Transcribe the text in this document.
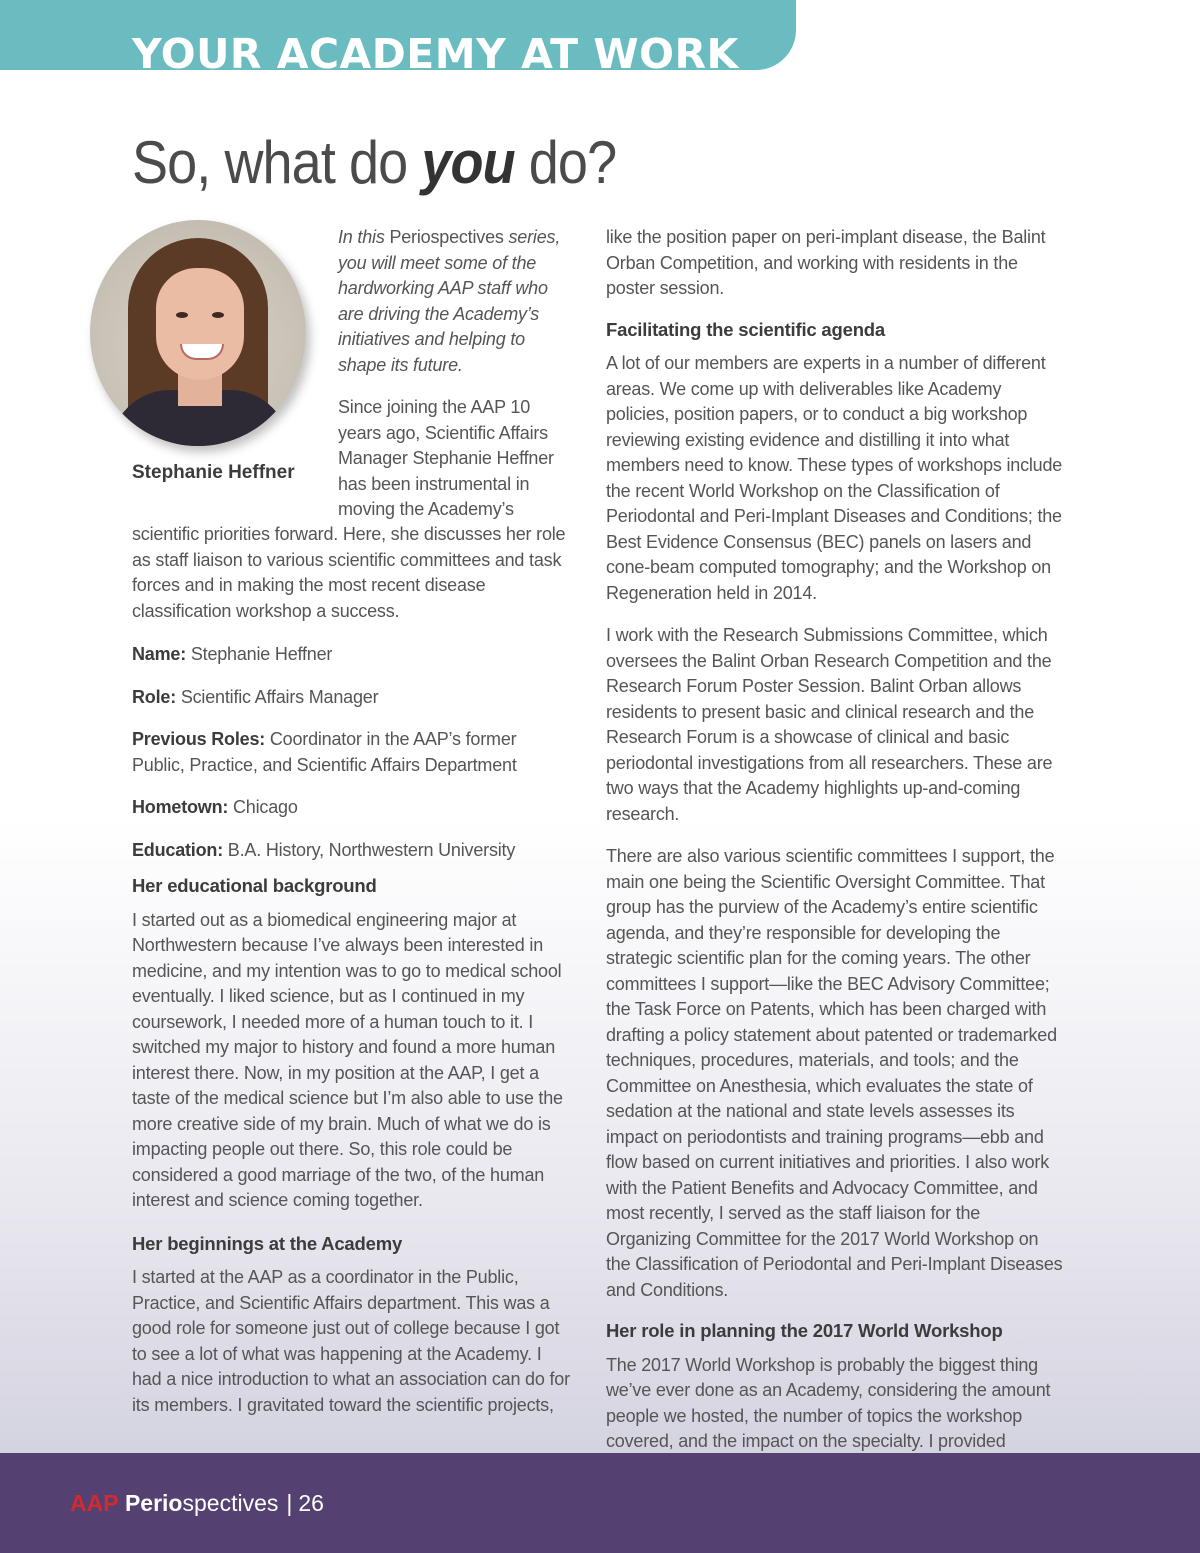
YOUR ACADEMY AT WORK
So, what do you do?
Stephanie Heffner

In this Periospectives series, you will meet some of the hardworking AAP staff who are driving the Academy’s initiatives and helping to shape its future.

Since joining the AAP 10 years ago, Scientific Affairs Manager Stephanie Heffner has been instrumental in moving the Academy’s

scientific priorities forward. Here, she discusses her role as staff liaison to various scientific committees and task forces and in making the most recent disease classification workshop a success.

Name: Stephanie Heffner

Role: Scientific Affairs Manager

Previous Roles: Coordinator in the AAP’s former Public, Practice, and Scientific Affairs Department

Hometown: Chicago

Education: B.A. History, Northwestern University

Her educational background

I started out as a biomedical engineering major at Northwestern because I’ve always been interested in medicine, and my intention was to go to medical school eventually. I liked science, but as I continued in my coursework, I needed more of a human touch to it. I switched my major to history and found a more human interest there. Now, in my position at the AAP, I get a taste of the medical science but I’m also able to use the more creative side of my brain. Much of what we do is impacting people out there. So, this role could be considered a good marriage of the two, of the human interest and science coming together.

Her beginnings at the Academy

I started at the AAP as a coordinator in the Public, Practice, and Scientific Affairs department. This was a good role for someone just out of college because I got to see a lot of what was happening at the Academy. I had a nice introduction to what an association can do for its members. I gravitated toward the scientific projects,

like the position paper on peri-implant disease, the Balint Orban Competition, and working with residents in the poster session.

Facilitating the scientific agenda

A lot of our members are experts in a number of different areas. We come up with deliverables like Academy policies, position papers, or to conduct a big workshop reviewing existing evidence and distilling it into what members need to know. These types of workshops include the recent World Workshop on the Classification of Periodontal and Peri-Implant Diseases and Conditions; the Best Evidence Consensus (BEC) panels on lasers and cone-beam computed tomography; and the Workshop on Regeneration held in 2014.

I work with the Research Submissions Committee, which oversees the Balint Orban Research Competition and the Research Forum Poster Session. Balint Orban allows residents to present basic and clinical research and the Research Forum is a showcase of clinical and basic periodontal investigations from all researchers. These are two ways that the Academy highlights up-and-coming research.

There are also various scientific committees I support, the main one being the Scientific Oversight Committee. That group has the purview of the Academy’s entire scientific agenda, and they’re responsible for developing the strategic scientific plan for the coming years. The other committees I support—like the BEC Advisory Committee; the Task Force on Patents, which has been charged with drafting a policy statement about patented or trademarked techniques, procedures, materials, and tools; and the Committee on Anesthesia, which evaluates the state of sedation at the national and state levels assesses its impact on periodontists and training programs—ebb and flow based on current initiatives and priorities. I also work with the Patient Benefits and Advocacy Committee, and most recently, I served as the staff liaison for the Organizing Committee for the 2017 World Workshop on the Classification of Periodontal and Peri-Implant Diseases and Conditions.

Her role in planning the 2017 World Workshop

The 2017 World Workshop is probably the biggest thing we’ve ever done as an Academy, considering the amount people we hosted, the number of topics the workshop covered, and the impact on the specialty. I provided

AAP Periospectives | 26
